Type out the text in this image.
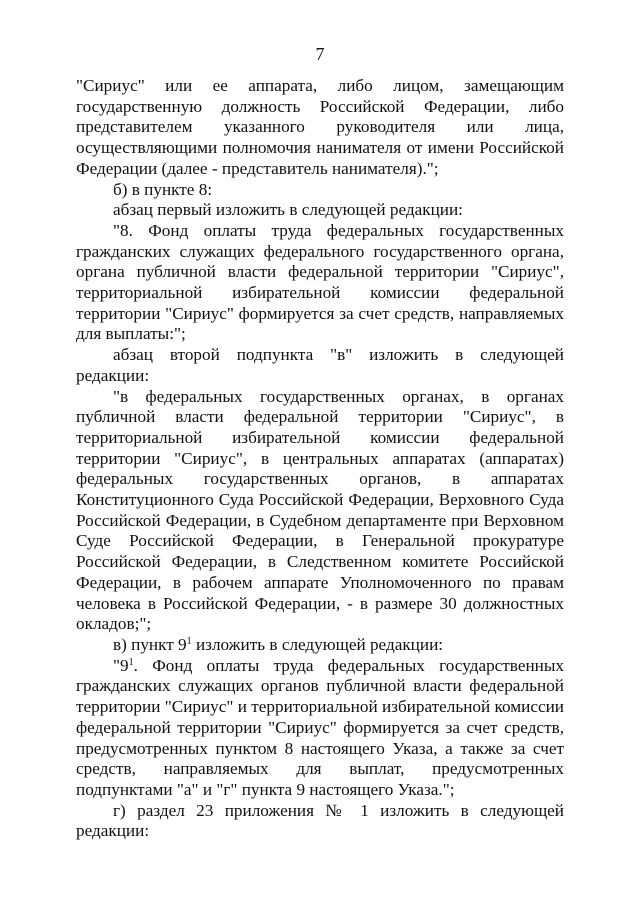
7

"Сириус" или ее аппарата, либо лицом, замещающим государственную должность Российской Федерации, либо представителем указанного руководителя или лица, осуществляющими полномочия нанимателя от имени Российской Федерации (далее - представитель нанимателя).";

б) в пункте 8:

абзац первый изложить в следующей редакции:

"8. Фонд оплаты труда федеральных государственных гражданских служащих федерального государственного органа, органа публичной власти федеральной территории "Сириус", территориальной избирательной комиссии федеральной территории "Сириус" формируется за счет средств, направляемых для выплаты:";

абзац второй подпункта "в" изложить в следующей редакции:

"в федеральных государственных органах, в органах публичной власти федеральной территории "Сириус", в территориальной избирательной комиссии федеральной территории "Сириус", в центральных аппаратах (аппаратах) федеральных государственных органов, в аппаратах Конституционного Суда Российской Федерации, Верховного Суда Российской Федерации, в Судебном департаменте при Верховном Суде Российской Федерации, в Генеральной прокуратуре Российской Федерации, в Следственном комитете Российской Федерации, в рабочем аппарате Уполномоченного по правам человека в Российской Федерации, - в размере 30 должностных окладов;";

в) пункт $9^1$ изложить в следующей редакции:

"$9^1$. Фонд оплаты труда федеральных государственных гражданских служащих органов публичной власти федеральной территории "Сириус" и территориальной избирательной комиссии федеральной территории "Сириус" формируется за счет средств, предусмотренных пунктом 8 настоящего Указа, а также за счет средств, направляемых для выплат, предусмотренных подпунктами "а" и "г" пункта 9 настоящего Указа.";

г) раздел 23 приложения № 1 изложить в следующей редакции:
